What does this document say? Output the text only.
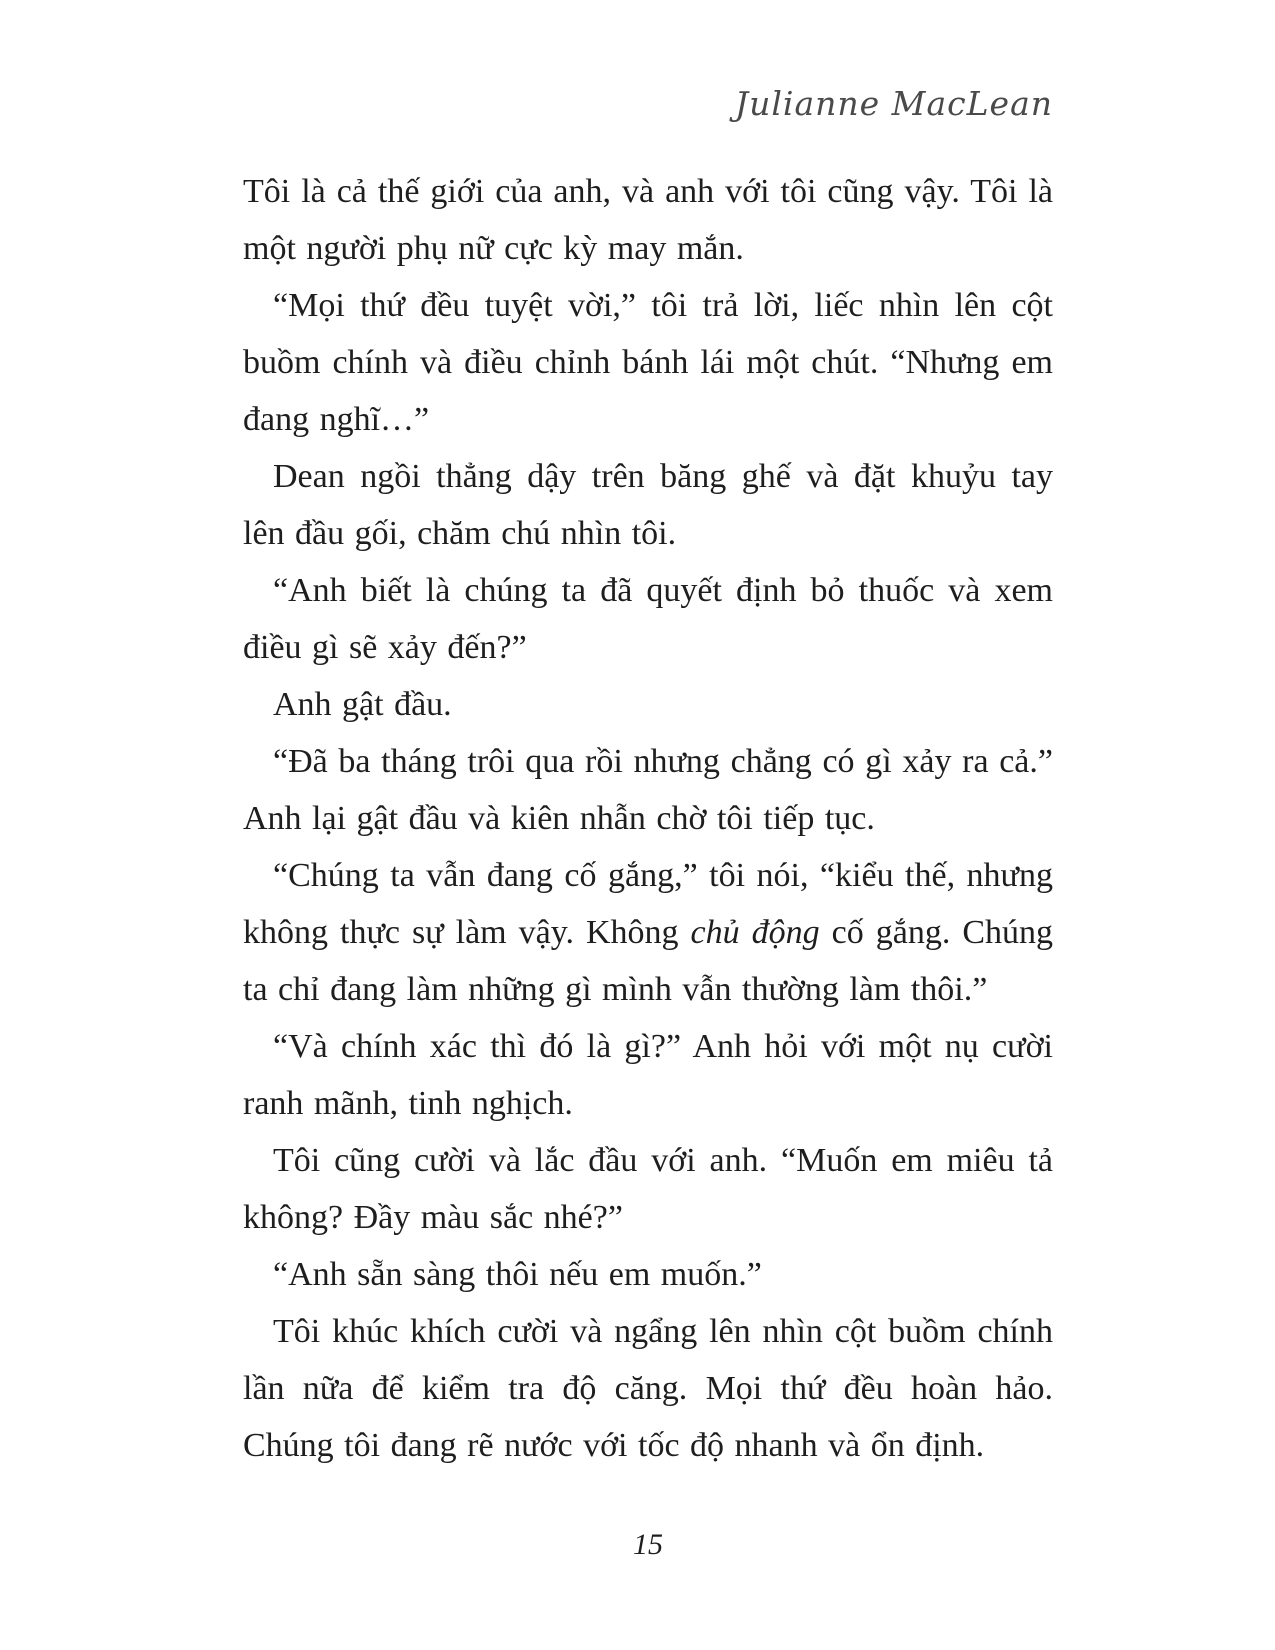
Julianne MacLean

Tôi là cả thế giới của anh, và anh với tôi cũng vậy. Tôi là một người phụ nữ cực kỳ may mắn.

“Mọi thứ đều tuyệt vời,” tôi trả lời, liếc nhìn lên cột buồm chính và điều chỉnh bánh lái một chút. “Nhưng em đang nghĩ…”

Dean ngồi thẳng dậy trên băng ghế và đặt khuỷu tay lên đầu gối, chăm chú nhìn tôi.

“Anh biết là chúng ta đã quyết định bỏ thuốc và xem điều gì sẽ xảy đến?”

Anh gật đầu.

“Đã ba tháng trôi qua rồi nhưng chẳng có gì xảy ra cả.” Anh lại gật đầu và kiên nhẫn chờ tôi tiếp tục.

“Chúng ta vẫn đang cố gắng,” tôi nói, “kiểu thế, nhưng không thực sự làm vậy. Không chủ động cố gắng. Chúng ta chỉ đang làm những gì mình vẫn thường làm thôi.”

“Và chính xác thì đó là gì?” Anh hỏi với một nụ cười ranh mãnh, tinh nghịch.

Tôi cũng cười và lắc đầu với anh. “Muốn em miêu tả không? Đầy màu sắc nhé?”

“Anh sẵn sàng thôi nếu em muốn.”

Tôi khúc khích cười và ngẩng lên nhìn cột buồm chính lần nữa để kiểm tra độ căng. Mọi thứ đều hoàn hảo. Chúng tôi đang rẽ nước với tốc độ nhanh và ổn định.

15
